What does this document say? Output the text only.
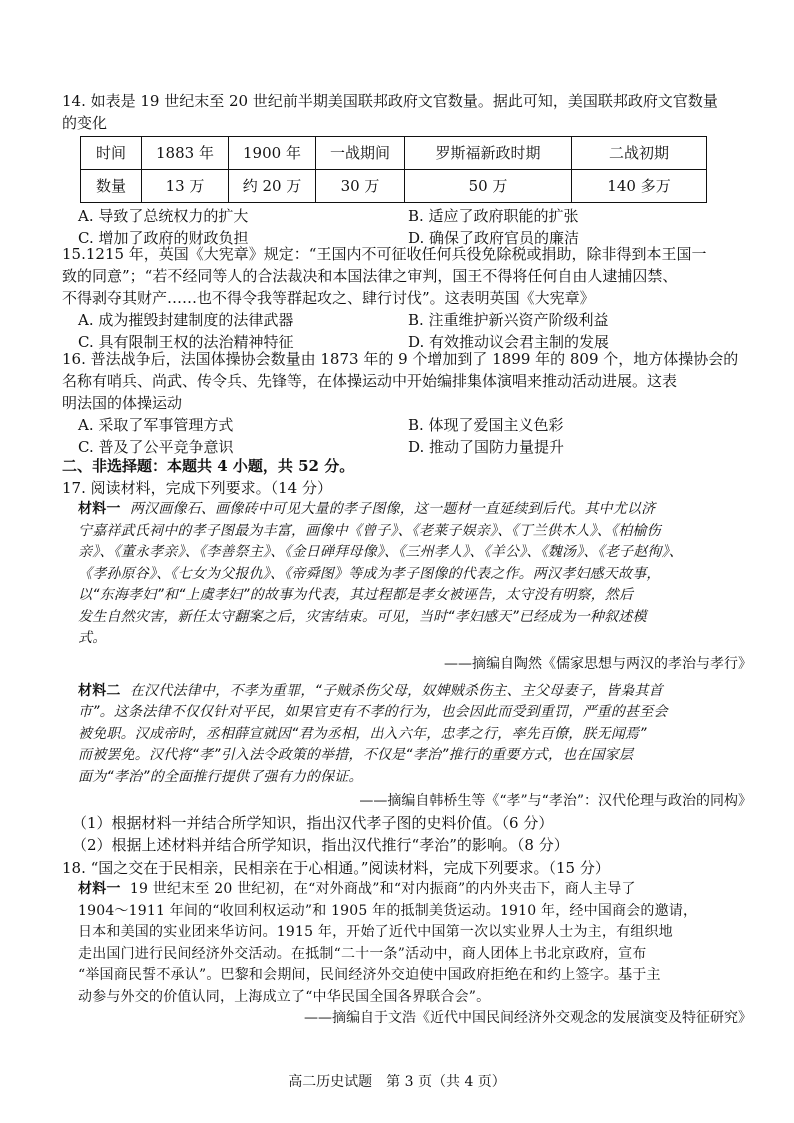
14. 如表是 19 世纪末至 20 世纪前半期美国联邦政府文官数量。据此可知，美国联邦政府文官数量
的变化

时间	1883 年	1900 年	一战期间	罗斯福新政时期	二战初期
数量	13 万	约 20 万	30 万	50 万	140 多万
A. 导致了总统权力的扩大	B. 适应了政府职能的扩张
C. 增加了政府的财政负担	D. 确保了政府官员的廉洁

15.1215 年，英国《大宪章》规定：“王国内不可征收任何兵役免除税或捐助，除非得到本王国一
致的同意”；“若不经同等人的合法裁决和本国法律之审判，国王不得将任何自由人逮捕囚禁、
不得剥夺其财产……也不得令我等群起攻之、肆行讨伐”。这表明英国《大宪章》

A. 成为摧毁封建制度的法律武器	B. 注重维护新兴资产阶级利益
C. 具有限制王权的法治精神特征	D. 有效推动议会君主制的发展

16. 普法战争后，法国体操协会数量由 1873 年的 9 个增加到了 1899 年的 809 个，地方体操协会的
名称有哨兵、尚武、传令兵、先锋等，在体操运动中开始编排集体演唱来推动活动进展。这表
明法国的体操运动

A. 采取了军事管理方式	B. 体现了爱国主义色彩
C. 普及了公平竞争意识	D. 推动了国防力量提升
二、非选择题：本题共 4 小题，共 52 分。

17. 阅读材料，完成下列要求。（14 分）

材料一 两汉画像石、画像砖中可见大量的孝子图像，这一题材一直延续到后代。其中尤以济
宁嘉祥武氏祠中的孝子图最为丰富，画像中《曾子》、《老莱子娱亲》、《丁兰供木人》、《柏榆伤
亲》、《董永孝亲》、《李善祭主》、《金日䃅拜母像》、《三州孝人》、《羊公》、《魏汤》、《老子赵徇》、
《孝孙原谷》、《七女为父报仇》、《帝舜图》等成为孝子图像的代表之作。两汉孝妇感天故事，
以“东海孝妇”和“上虞孝妇”的故事为代表，其过程都是孝女被诬告，太守没有明察，然后
发生自然灾害，新任太守翻案之后，灾害结束。可见，当时“孝妇感天”已经成为一种叙述模
式。
——摘编自陶然《儒家思想与两汉的孝治与孝行》
材料二 在汉代法律中，不孝为重罪，“子贼杀伤父母，奴婢贼杀伤主、主父母妻子，皆枭其首
市”。这条法律不仅仅针对平民，如果官吏有不孝的行为，也会因此而受到重罚，严重的甚至会
被免职。汉成帝时，丞相薛宣就因“君为丞相，出入六年，忠孝之行，率先百僚，朕无闻焉”
而被罢免。汉代将“孝”引入法令政策的举措，不仅是“孝治”推行的重要方式，也在国家层
面为“孝治”的全面推行提供了强有力的保证。
——摘编自韩桥生等《“孝”与“孝治”：汉代伦理与政治的同构》
（1）根据材料一并结合所学知识，指出汉代孝子图的史料价值。（6 分）
（2）根据上述材料并结合所学知识，指出汉代推行“孝治”的影响。（8 分）

18. “国之交在于民相亲，民相亲在于心相通。”阅读材料，完成下列要求。（15 分）

材料一 19 世纪末至 20 世纪初，在“对外商战”和“对内振商”的内外夹击下，商人主导了
1904～1911 年间的“收回利权运动”和 1905 年的抵制美货运动。1910 年，经中国商会的邀请，
日本和美国的实业团来华访问。1915 年，开始了近代中国第一次以实业界人士为主，有组织地
走出国门进行民间经济外交活动。在抵制“二十一条”活动中，商人团体上书北京政府，宣布
“举国商民誓不承认”。巴黎和会期间，民间经济外交迫使中国政府拒绝在和约上签字。基于主
动参与外交的价值认同，上海成立了“中华民国全国各界联合会”。
——摘编自于文浩《近代中国民间经济外交观念的发展演变及特征研究》
高二历史试题　第 3 页（共 4 页）
